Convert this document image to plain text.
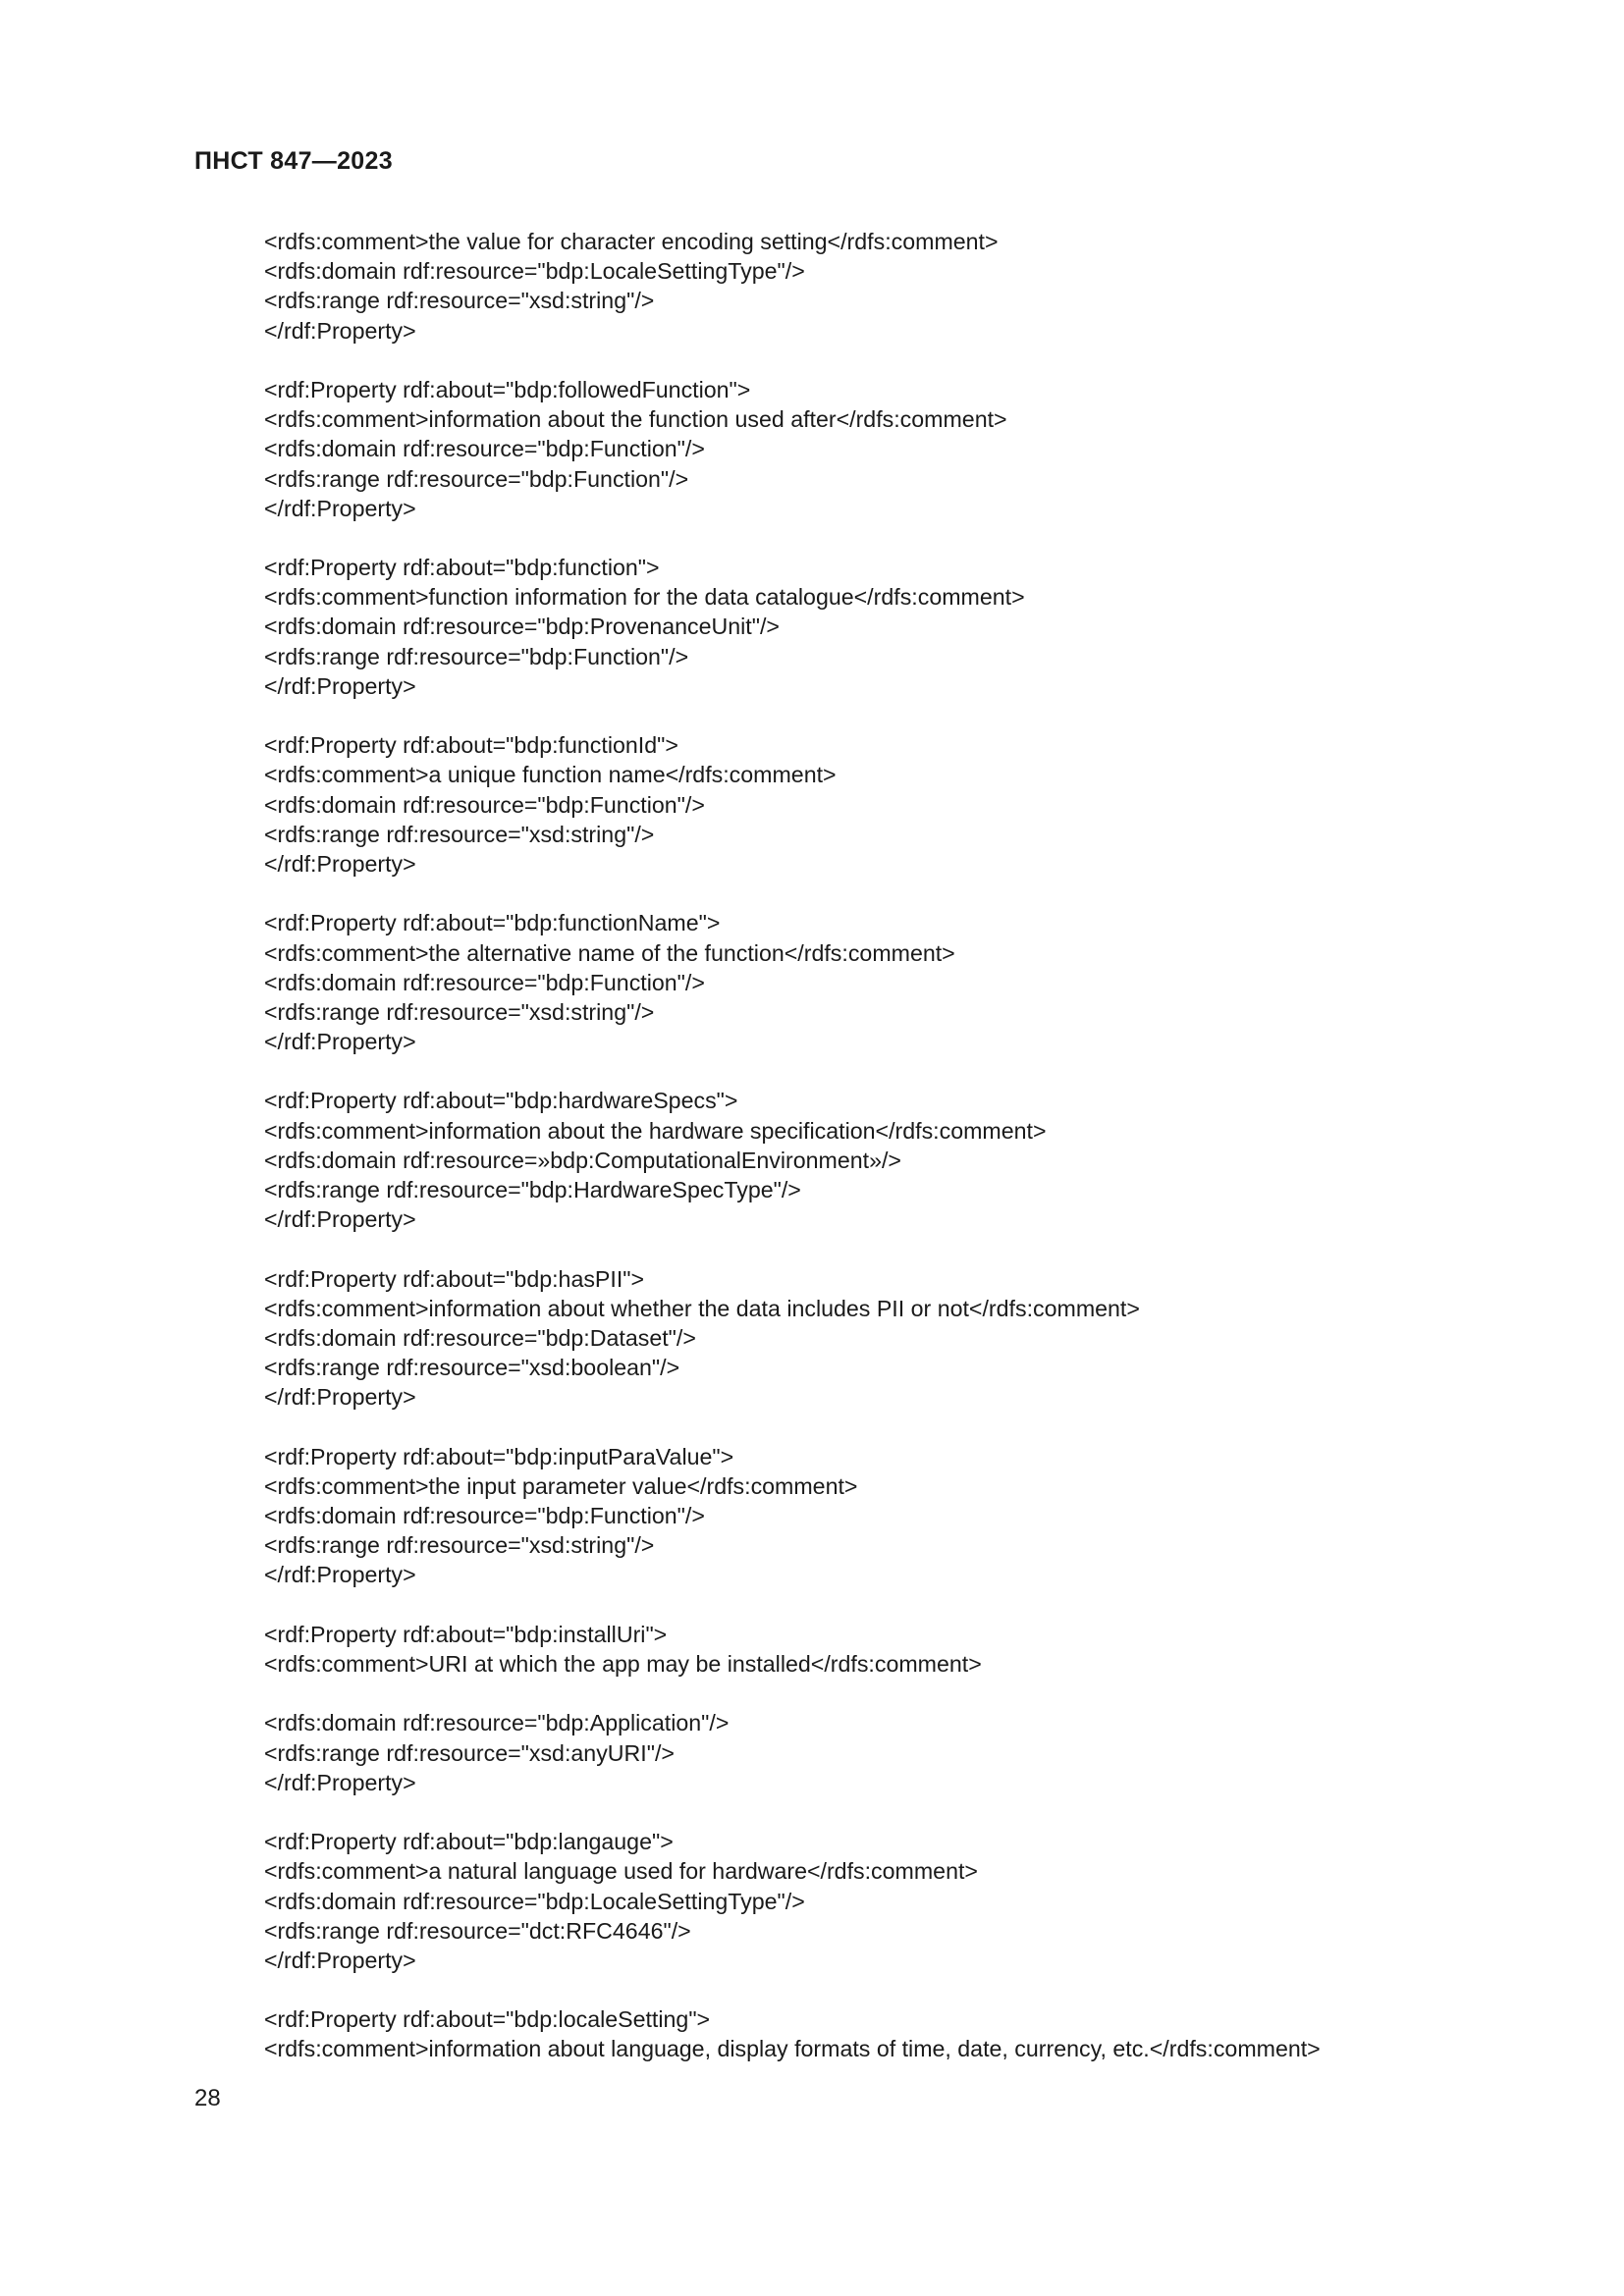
ПНСТ 847—2023
<rdfs:comment>the value for character encoding setting</rdfs:comment>
<rdfs:domain rdf:resource="bdp:LocaleSettingType"/>
<rdfs:range rdf:resource="xsd:string"/>
</rdf:Property>
<rdf:Property rdf:about="bdp:followedFunction">
<rdfs:comment>information about the function used after</rdfs:comment>
<rdfs:domain rdf:resource="bdp:Function"/>
<rdfs:range rdf:resource="bdp:Function"/>
</rdf:Property>
<rdf:Property rdf:about="bdp:function">
<rdfs:comment>function information for the data catalogue</rdfs:comment>
<rdfs:domain rdf:resource="bdp:ProvenanceUnit"/>
<rdfs:range rdf:resource="bdp:Function"/>
</rdf:Property>
<rdf:Property rdf:about="bdp:functionId">
<rdfs:comment>a unique function name</rdfs:comment>
<rdfs:domain rdf:resource="bdp:Function"/>
<rdfs:range rdf:resource="xsd:string"/>
</rdf:Property>
<rdf:Property rdf:about="bdp:functionName">
<rdfs:comment>the alternative name of the function</rdfs:comment>
<rdfs:domain rdf:resource="bdp:Function"/>
<rdfs:range rdf:resource="xsd:string"/>
</rdf:Property>
<rdf:Property rdf:about="bdp:hardwareSpecs">
<rdfs:comment>information about the hardware specification</rdfs:comment>
<rdfs:domain rdf:resource=»bdp:ComputationalEnvironment»/>
<rdfs:range rdf:resource="bdp:HardwareSpecType"/>
</rdf:Property>
<rdf:Property rdf:about="bdp:hasPII">
<rdfs:comment>information about whether the data includes PII or not</rdfs:comment>
<rdfs:domain rdf:resource="bdp:Dataset"/>
<rdfs:range rdf:resource="xsd:boolean"/>
</rdf:Property>
<rdf:Property rdf:about="bdp:inputParaValue">
<rdfs:comment>the input parameter value</rdfs:comment>
<rdfs:domain rdf:resource="bdp:Function"/>
<rdfs:range rdf:resource="xsd:string"/>
</rdf:Property>
<rdf:Property rdf:about="bdp:installUri">
<rdfs:comment>URI at which the app may be installed</rdfs:comment>
<rdfs:domain rdf:resource="bdp:Application"/>
<rdfs:range rdf:resource="xsd:anyURI"/>
</rdf:Property>
<rdf:Property rdf:about="bdp:langauge">
<rdfs:comment>a natural language used for hardware</rdfs:comment>
<rdfs:domain rdf:resource="bdp:LocaleSettingType"/>
<rdfs:range rdf:resource="dct:RFC4646"/>
</rdf:Property>
<rdf:Property rdf:about="bdp:localeSetting">
<rdfs:comment>information about language, display formats of time, date, currency, etc.</rdfs:comment>
28
